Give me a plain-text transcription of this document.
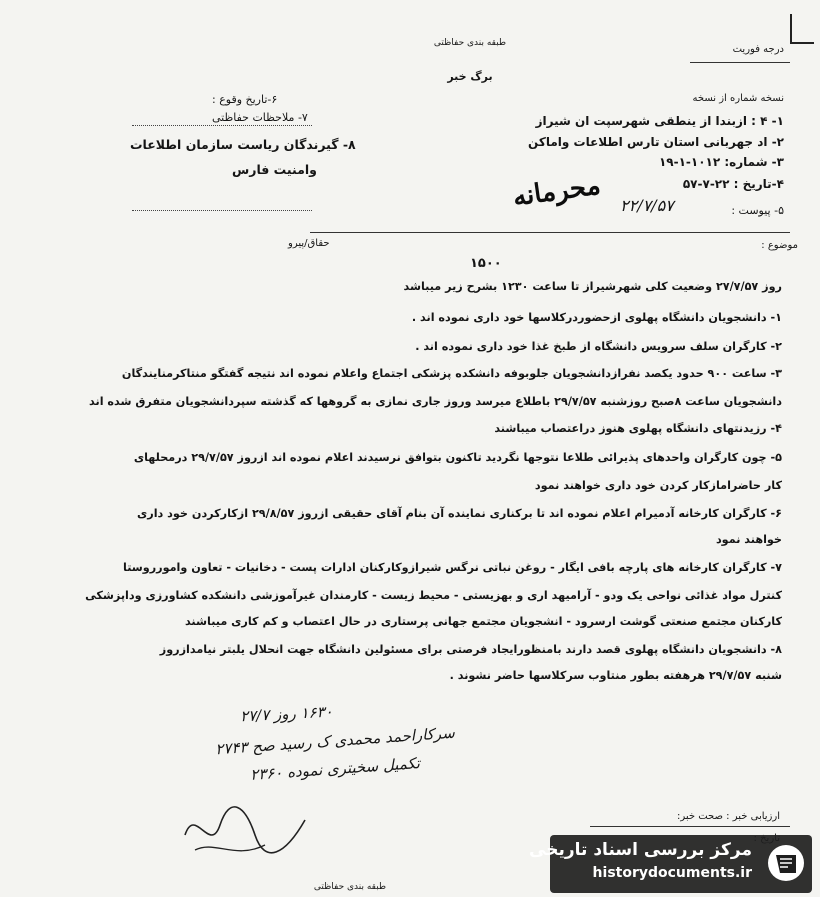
طبقه بندی حفاظتی
برگ خبر
درجه فوریت
۶-تاریخ وقوع :
۷- ملاحظات حفاظتی
۸- گیرندگان رياست سازمان اطلاعات
وامنیت فارس
نسخه شماره از نسخه
۱- ۴ : ازبندا از ینطقی شهرسپت ان شیراز
۲- اد جهربانی استان تارس اطلاعات واماکن
۳- شماره: ۱۰۱۲-۱-۱۹
۴-تاریخ : ۲۲-۷-۵۷
۲۲/۷/۵۷	۵- پیوست :
محرمانه
حقاق/پیرو	موضوع :
۱۵۰۰
روز ۲۷/۷/۵۷ وضعیت کلی شهرشیراز تا ساعت ۱۲۳۰ بشرح زیر میباشد
۱- دانشجویان دانشگاه پهلوی ازحضوردرکلاسها خود داری نموده اند .
۲- کارگران سلف سرویس دانشگاه از طبخ غذا خود داری نموده اند .
۳- ساعت ۹۰۰ حدود یکصد نفرازدانشجویان جلوبوفه دانشکده پزشکی اجتماع واعلام نموده اند نتیجه گفتگو منتاکرمنایندگان
دانشجویان ساعت ۸صبح روزشنبه ۲۹/۷/۵۷ باطلاع میرسد وروز جاری نمازی به گروهها که گذشته سپردانشجویان متفرق شده اند
۴- رزیدنتهای دانشگاه پهلوی هنوز دراعتصاب میباشند
۵- چون کارگران واحدهای پذیرائی طلاعا نتوجها نگردید تاکنون بتوافق نرسیدند اعلام نموده اند ازروز ۲۹/۷/۵۷ درمحلهای
کار حاضرامازکار کردن خود داری خواهند نمود
۶- کارگران کارخانه آدمیرام اعلام نموده اند تا برکناری نماینده آن بنام آقای حقیقی ازروز ۲۹/۸/۵۷ ازکارکردن خود داری
خواهند نمود
۷- کارگران کارخانه های پارچه بافی ایگار - روغن نباتی نرگس شیرازوکارکنان ادارات پست - دخانیات - تعاون وامورروستا
کنترل مواد غذائی نواحی یک ودو - آرامیهد اری و بهزیستی - محیط زیست - کارمندان غیرآموزشی دانشکده کشاورزی وداپزشکی
کارکنان مجتمع صنعتی گوشت ارسرود - انشجویان مجتمع جهانی پرستاری در حال اعتصاب و کم کاری میباشند
۸- دانشجویان دانشگاه پهلوی قصد دارند بامنظورایجاد فرصتی برای مسئولین دانشگاه جهت انحلال یلبتر نیامدازروز
شنبه ۲۹/۷/۵۷ هرهفته بطور منتاوب سرکلاسها حاضر نشوند .
۱۶۳۰ روز ۲۷/۷
سرکاراحمد محمدی ک رسید صح ۲۷۴۳
تکمیل سخیتری نموده ۲۳۶۰
ارزیابی خبر : صحت خبر:
طبقه بندی حفاظتی
مرکز بررسی اسناد تاریخی
historydocuments.ir
